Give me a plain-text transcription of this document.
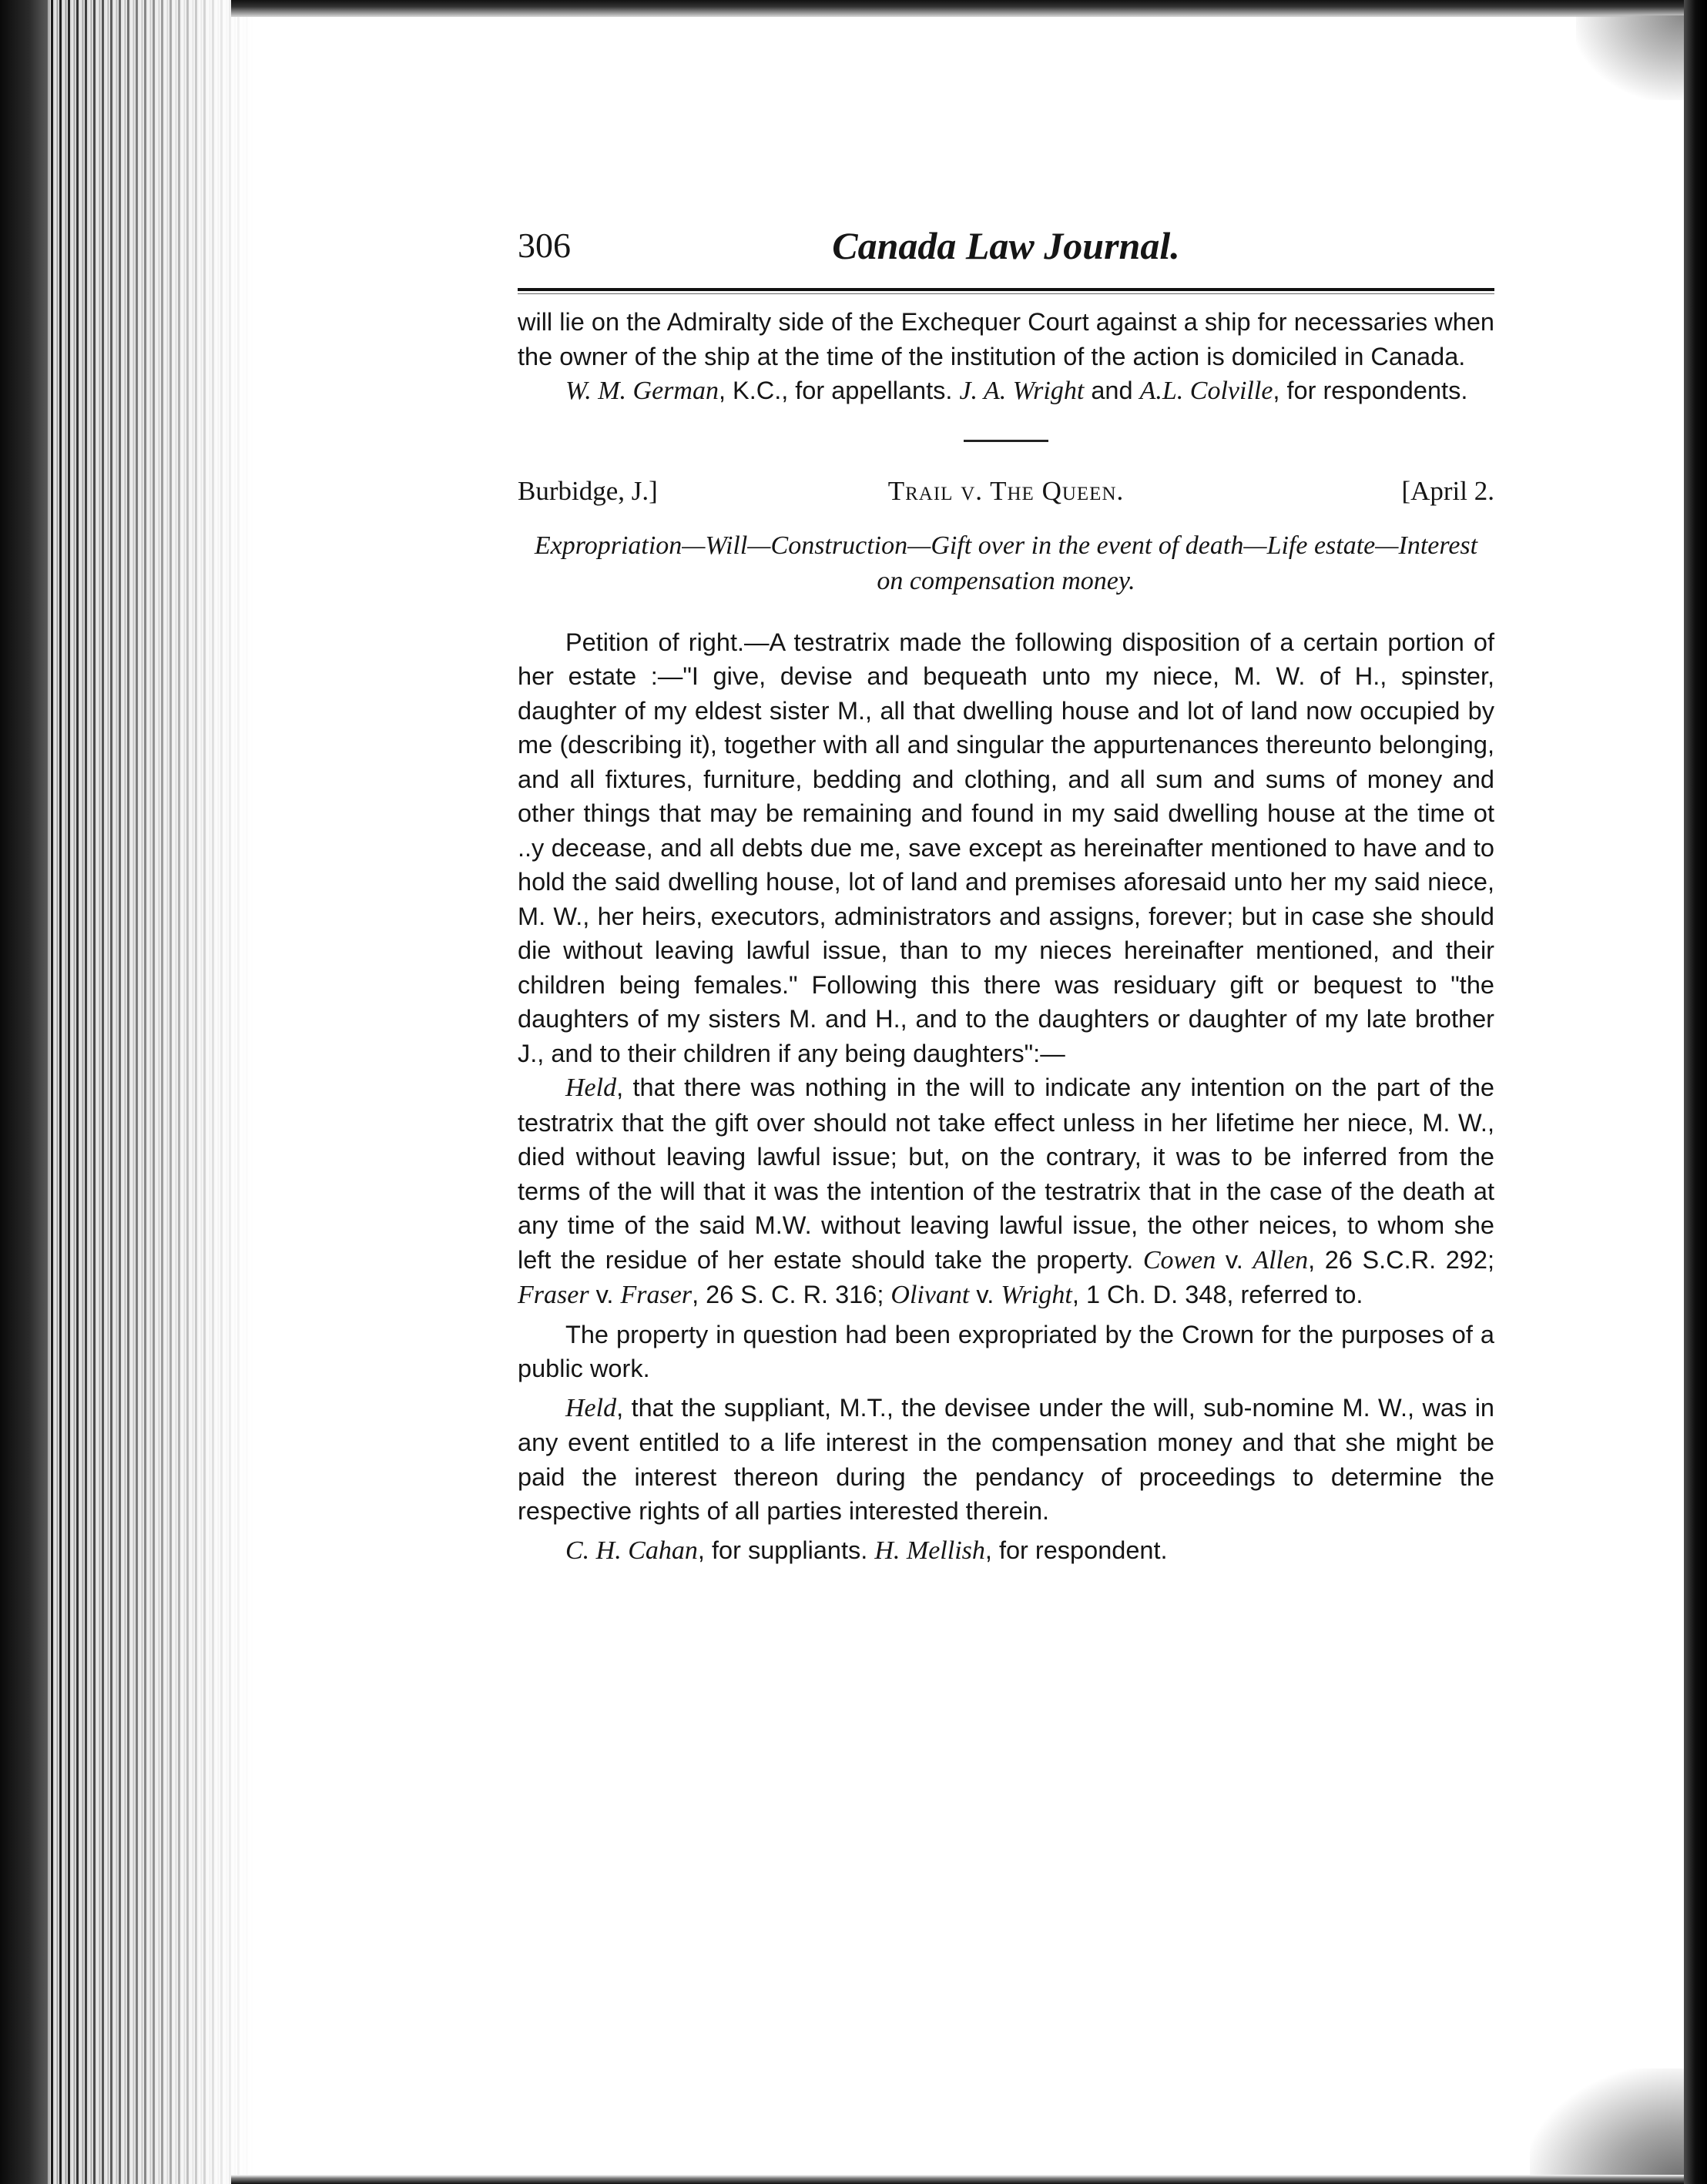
306	Canada Law Journal.

will lie on the Admiralty side of the Exchequer Court against a ship for necessaries when the owner of the ship at the time of the institution of the action is domiciled in Canada.

W. M. German, K.C., for appellants. J. A. Wright and A.L. Colville, for respondents.

Burbidge, J.]	Trail v. The Queen.	[April 2.
Expropriation—Will—Construction—Gift over in the event of death—Life estate—Interest on compensation money.

Petition of right.—A testratrix made the following disposition of a certain portion of her estate :—"I give, devise and bequeath unto my niece, M. W. of H., spinster, daughter of my eldest sister M., all that dwelling house and lot of land now occupied by me (describing it), together with all and singular the appurtenances thereunto belonging, and all fixtures, furniture, bedding and clothing, and all sum and sums of money and other things that may be remaining and found in my said dwelling house at the time ot ..y decease, and all debts due me, save except as hereinafter mentioned to have and to hold the said dwelling house, lot of land and premises aforesaid unto her my said niece, M. W., her heirs, executors, administrators and assigns, forever; but in case she should die without leaving lawful issue, than to my nieces hereinafter mentioned, and their children being females." Following this there was residuary gift or bequest to "the daughters of my sisters M. and H., and to the daughters or daughter of my late brother J., and to their children if any being daughters":—

Held, that there was nothing in the will to indicate any intention on the part of the testratrix that the gift over should not take effect unless in her lifetime her niece, M. W., died without leaving lawful issue; but, on the contrary, it was to be inferred from the terms of the will that it was the intention of the testratrix that in the case of the death at any time of the said M.W. without leaving lawful issue, the other neices, to whom she left the residue of her estate should take the property. Cowen v. Allen, 26 S.C.R. 292; Fraser v. Fraser, 26 S. C. R. 316; Olivant v. Wright, 1 Ch. D. 348, referred to.

The property in question had been expropriated by the Crown for the purposes of a public work.

Held, that the suppliant, M.T., the devisee under the will, sub-nomine M. W., was in any event entitled to a life interest in the compensation money and that she might be paid the interest thereon during the pendancy of proceedings to determine the respective rights of all parties interested therein.

C. H. Cahan, for suppliants. H. Mellish, for respondent.
